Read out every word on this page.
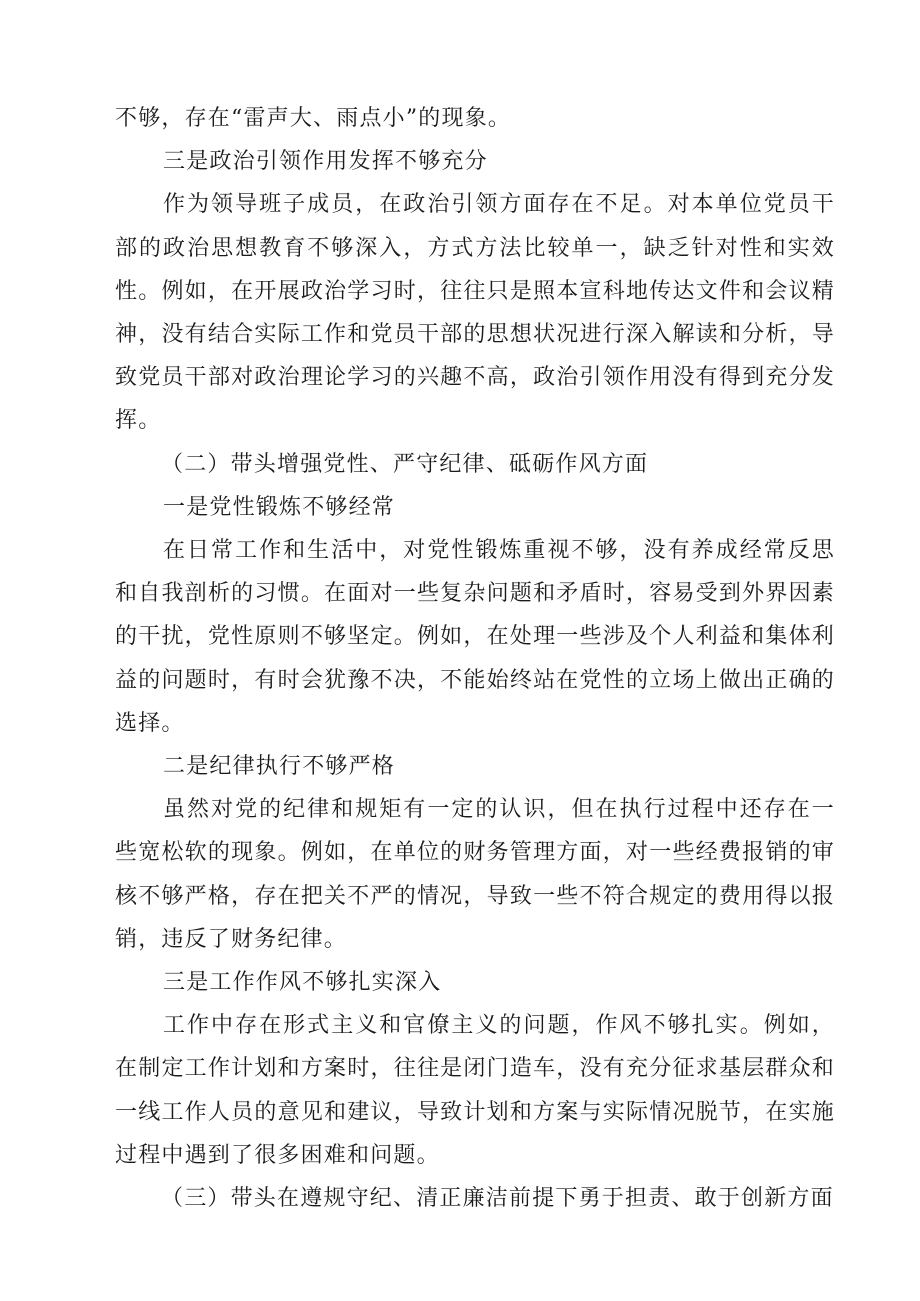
不够，存在“雷声大、雨点小”的现象。

三是政治引领作用发挥不够充分

作为领导班子成员，在政治引领方面存在不足。对本单位党员干部的政治思想教育不够深入，方式方法比较单一，缺乏针对性和实效性。例如，在开展政治学习时，往往只是照本宣科地传达文件和会议精神，没有结合实际工作和党员干部的思想状况进行深入解读和分析，导致党员干部对政治理论学习的兴趣不高，政治引领作用没有得到充分发挥。

（二）带头增强党性、严守纪律、砥砺作风方面

一是党性锻炼不够经常

在日常工作和生活中，对党性锻炼重视不够，没有养成经常反思和自我剖析的习惯。在面对一些复杂问题和矛盾时，容易受到外界因素的干扰，党性原则不够坚定。例如，在处理一些涉及个人利益和集体利益的问题时，有时会犹豫不决，不能始终站在党性的立场上做出正确的选择。

二是纪律执行不够严格

虽然对党的纪律和规矩有一定的认识，但在执行过程中还存在一些宽松软的现象。例如，在单位的财务管理方面，对一些经费报销的审核不够严格，存在把关不严的情况，导致一些不符合规定的费用得以报销，违反了财务纪律。

三是工作作风不够扎实深入

工作中存在形式主义和官僚主义的问题，作风不够扎实。例如，在制定工作计划和方案时，往往是闭门造车，没有充分征求基层群众和一线工作人员的意见和建议，导致计划和方案与实际情况脱节，在实施过程中遇到了很多困难和问题。

（三）带头在遵规守纪、清正廉洁前提下勇于担责、敢于创新方面
